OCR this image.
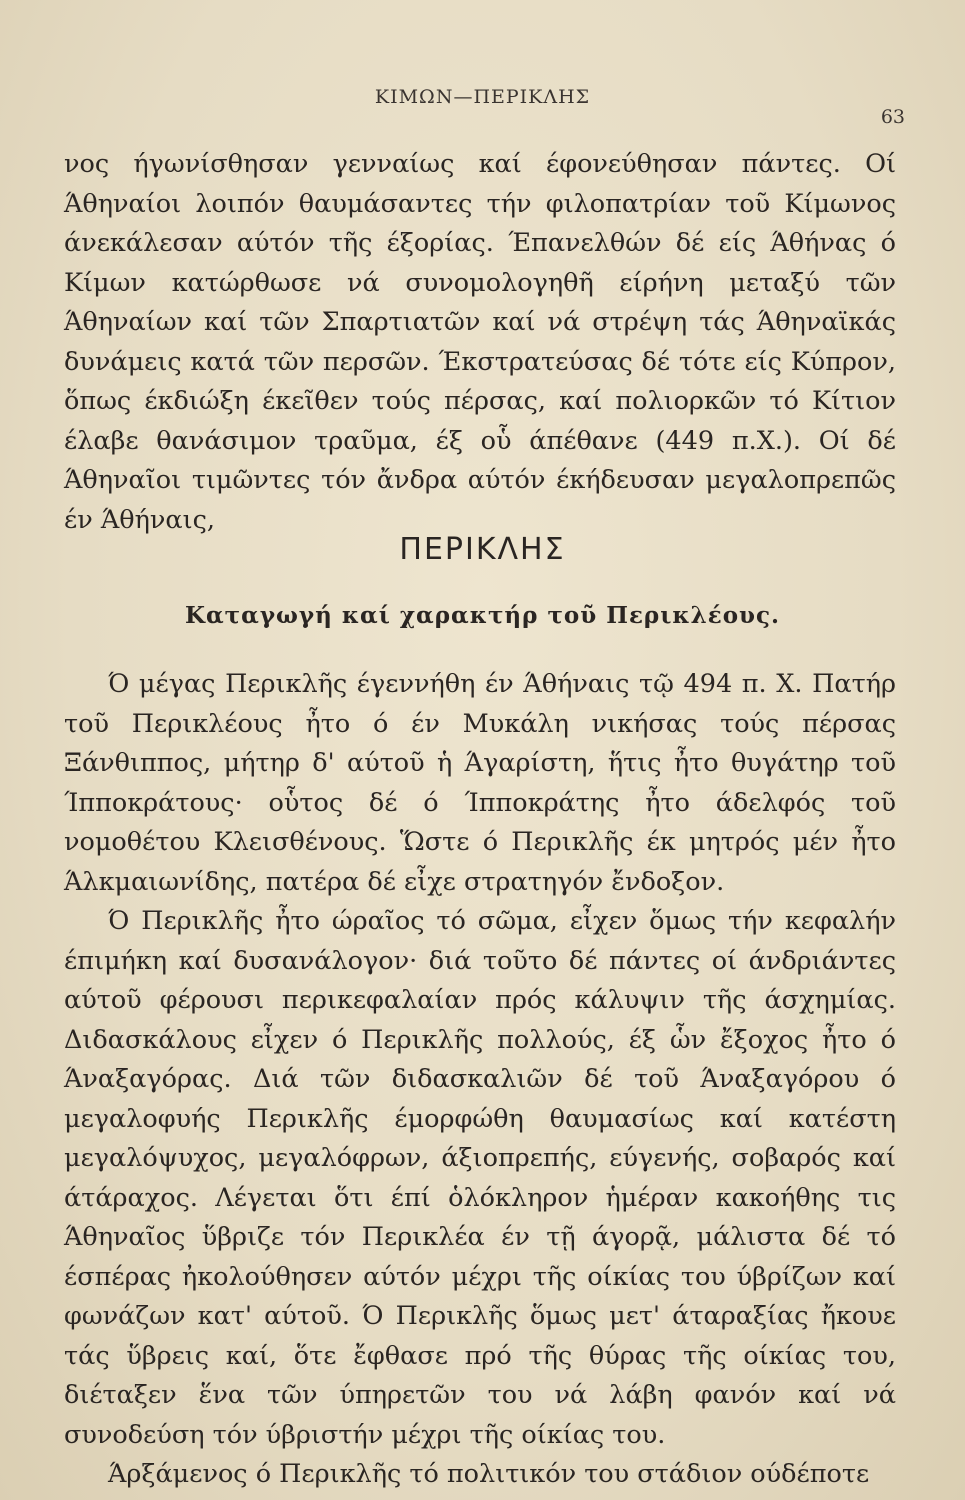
ΚΙΜΩΝ—ΠΕΡΙΚΛΗΣ
63

νος ήγωνίσθησαν γενναίως καί έφονεύθησαν πάντες. Οί Άθηναίοι λοιπόν θαυμάσαντες τήν φιλοπατρίαν τοῦ Κίμωνος άνεκάλεσαν αύτόν τῆς έξορίας. Έπανελθών δέ είς Άθήνας ό Κίμων κατώρθωσε νά συνομολογηθῆ είρήνη μεταξύ τῶν Άθηναίων καί τῶν Σπαρτιατῶν καί νά στρέψη τάς Άθηναϊκάς δυνάμεις κατά τῶν περσῶν. Έκστρατεύσας δέ τότε είς Κύπρον, ὅπως έκδιώξη έκεῖθεν τούς πέρσας, καί πολιορκῶν τό Κίτιον έλαβε θανάσιμον τραῦμα, έξ οὗ άπέθανε (449 π.Χ.). Οί δέ Άθηναῖοι τιμῶντες τόν ἄνδρα αύτόν έκήδευσαν μεγαλοπρεπῶς έν Άθήναις,

ΠΕΡΙΚΛΗΣ
Καταγωγή καί χαρακτήρ τοῦ Περικλέους.

Ό μέγας Περικλῆς έγεννήθη έν Άθήναις τῷ 494 π. Χ. Πατήρ τοῦ Περικλέους ἦτο ό έν Μυκάλη νικήσας τούς πέρσας Ξάνθιππος, μήτηρ δ' αύτοῦ ἡ Άγαρίστη, ἥτις ἦτο θυγάτηρ τοῦ Ίπποκράτους· οὗτος δέ ό Ίπποκράτης ἦτο άδελφός τοῦ νομοθέτου Κλεισθένους. Ὥστε ό Περικλῆς έκ μητρός μέν ἦτο Άλκμαιωνίδης, πατέρα δέ εἶχε στρατηγόν ἔνδοξον.

Ό Περικλῆς ἦτο ώραῖος τό σῶμα, εἶχεν ὅμως τήν κεφαλήν έπιμήκη καί δυσανάλογον· διά τοῦτο δέ πάντες οί άνδριάντες αύτοῦ φέρουσι περικεφαλαίαν πρός κάλυψιν τῆς άσχημίας. Διδασκάλους εἶχεν ό Περικλῆς πολλούς, έξ ὧν ἔξοχος ἦτο ό Άναξαγόρας. Διά τῶν διδασκαλιῶν δέ τοῦ Άναξαγόρου ό μεγαλοφυής Περικλῆς έμορφώθη θαυμασίως καί κατέστη μεγαλόψυχος, μεγαλόφρων, άξιοπρεπής, εύγενής, σοβαρός καί άτάραχος. Λέγεται ὅτι έπί ὁλόκληρον ἡμέραν κακοήθης τις Άθηναῖος ὕβριζε τόν Περικλέα έν τῇ άγορᾷ, μάλιστα δέ τό έσπέρας ἠκολούθησεν αύτόν μέχρι τῆς οίκίας του ύβρίζων καί φωνάζων κατ' αύτοῦ. Ό Περικλῆς ὅμως μετ' άταραξίας ἤκουε τάς ὕβρεις καί, ὅτε ἔφθασε πρό τῆς θύρας τῆς οίκίας του, διέταξεν ἕνα τῶν ύπηρετῶν του νά λάβη φανόν καί νά συνοδεύση τόν ύβριστήν μέχρι τῆς οίκίας του.

Άρξάμενος ό Περικλῆς τό πολιτικόν του στάδιον ούδέποτε
